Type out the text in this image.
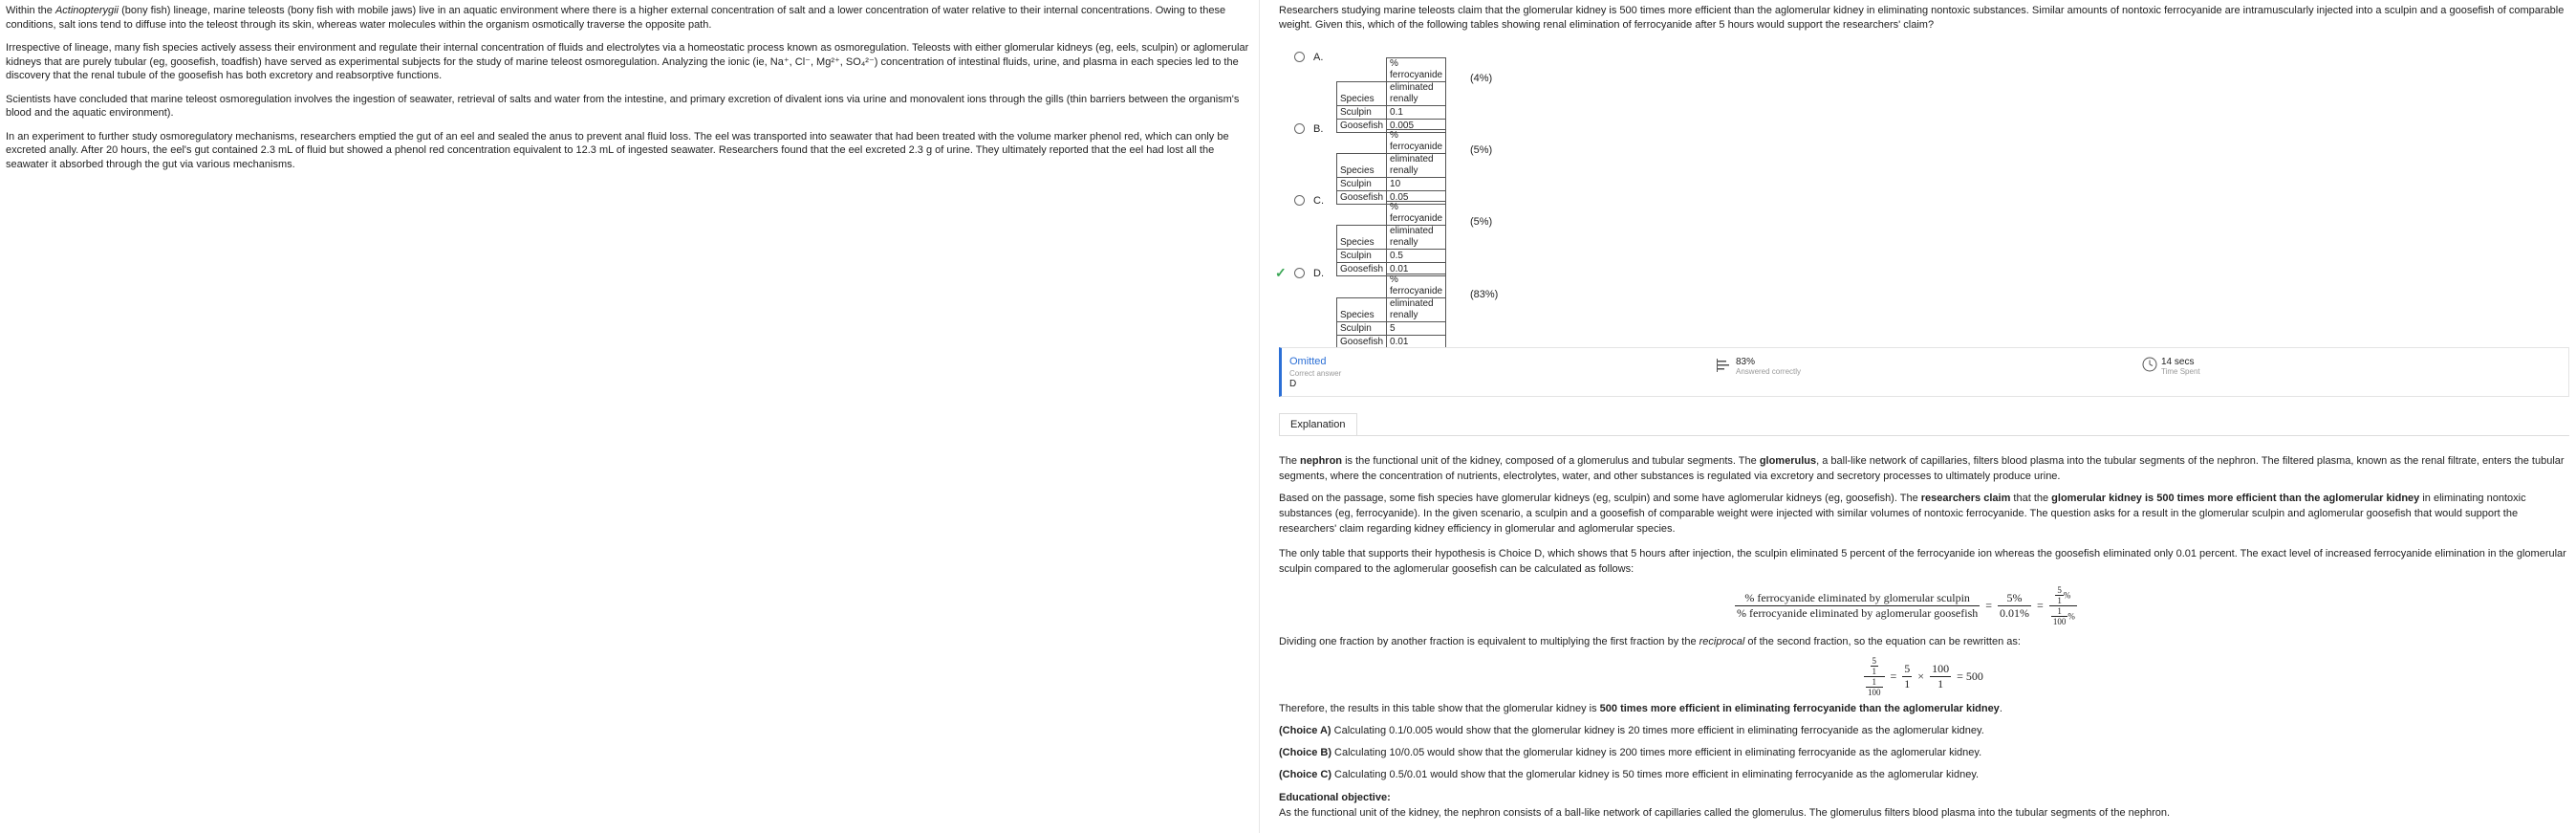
Within the Actinopterygii (bony fish) lineage, marine teleosts (bony fish with mobile jaws) live in an aquatic environment where there is a higher external concentration of salt and a lower concentration of water relative to their internal concentrations. Owing to these conditions, salt ions tend to diffuse into the teleost through its skin, whereas water molecules within the organism osmotically traverse the opposite path.

Irrespective of lineage, many fish species actively assess their environment and regulate their internal concentration of fluids and electrolytes via a homeostatic process known as osmoregulation. Teleosts with either glomerular kidneys (eg, eels, sculpin) or aglomerular kidneys that are purely tubular (eg, goosefish, toadfish) have served as experimental subjects for the study of marine teleost osmoregulation. Analyzing the ionic (ie, Na⁺, Cl⁻, Mg²⁺, SO₄²⁻) concentration of intestinal fluids, urine, and plasma in each species led to the discovery that the renal tubule of the goosefish has both excretory and reabsorptive functions.

Scientists have concluded that marine teleost osmoregulation involves the ingestion of seawater, retrieval of salts and water from the intestine, and primary excretion of divalent ions via urine and monovalent ions through the gills (thin barriers between the organism's blood and the aquatic environment).

In an experiment to further study osmoregulatory mechanisms, researchers emptied the gut of an eel and sealed the anus to prevent anal fluid loss. The eel was transported into seawater that had been treated with the volume marker phenol red, which can only be excreted anally. After 20 hours, the eel's gut contained 2.3 mL of fluid but showed a phenol red concentration equivalent to 12.3 mL of ingested seawater. Researchers found that the eel excreted 2.3 g of urine. They ultimately reported that the eel had lost all the seawater it absorbed through the gut via various mechanisms.

Researchers studying marine teleosts claim that the glomerular kidney is 500 times more efficient than the aglomerular kidney in eliminating nontoxic substances. Similar amounts of nontoxic ferrocyanide are intramuscularly injected into a sculpin and a goosefish of comparable weight. Given this, which of the following tables showing renal elimination of ferrocyanide after 5 hours would support the researchers' claim?
A.
	% ferrocyanide
Species	eliminated renally
Sculpin	0.1
Goosefish	0.005
(4%)
B.
	% ferrocyanide
Species	eliminated renally
Sculpin	10
Goosefish	0.05
(5%)
C.
	% ferrocyanide
Species	eliminated renally
Sculpin	0.5
Goosefish	0.01
(5%)
✓	D.
	% ferrocyanide
Species	eliminated renally
Sculpin	5
Goosefish	0.01
(83%)
Omitted
Correct answer
D
83%
Answered correctly
14 secs
Time Spent
Explanation
The nephron is the functional unit of the kidney, composed of a glomerulus and tubular segments. The glomerulus, a ball-like network of capillaries, filters blood plasma into the tubular segments of the nephron. The filtered plasma, known as the renal filtrate, enters the tubular segments, where the concentration of nutrients, electrolytes, water, and other substances is regulated via excretory and secretory processes to ultimately produce urine.
Based on the passage, some fish species have glomerular kidneys (eg, sculpin) and some have aglomerular kidneys (eg, goosefish). The researchers claim that the glomerular kidney is 500 times more efficient than the aglomerular kidney in eliminating nontoxic substances (eg, ferrocyanide). In the given scenario, a sculpin and a goosefish of comparable weight were injected with similar volumes of nontoxic ferrocyanide. The question asks for a result in the glomerular sculpin and aglomerular goosefish that would support the researchers' claim regarding kidney efficiency in glomerular and aglomerular species.
The only table that supports their hypothesis is Choice D, which shows that 5 hours after injection, the sculpin eliminated 5 percent of the ferrocyanide ion whereas the goosefish eliminated only 0.01 percent. The exact level of increased ferrocyanide elimination in the glomerular sculpin compared to the aglomerular goosefish can be calculated as follows:
$\frac{\text{\% ferrocyanide eliminated by glomerular sculpin}}{\text{\% ferrocyanide eliminated by aglomerular goosefish}} = \frac{5\%}{0.01\%} = \frac{\frac{5}{1} \%}{\frac{1}{100} \%}$
Dividing one fraction by another fraction is equivalent to multiplying the first fraction by the reciprocal of the second fraction, so the equation can be rewritten as:
$\frac{\frac{5}{1}}{\frac{1}{100}} = \frac{5}{1} \times \frac{100}{1} = 500$
Therefore, the results in this table show that the glomerular kidney is 500 times more efficient in eliminating ferrocyanide than the aglomerular kidney.
(Choice A) Calculating 0.1/0.005 would show that the glomerular kidney is 20 times more efficient in eliminating ferrocyanide as the aglomerular kidney.
(Choice B) Calculating 10/0.05 would show that the glomerular kidney is 200 times more efficient in eliminating ferrocyanide as the aglomerular kidney.
(Choice C) Calculating 0.5/0.01 would show that the glomerular kidney is 50 times more efficient in eliminating ferrocyanide as the aglomerular kidney.
Educational objective:
As the functional unit of the kidney, the nephron consists of a ball-like network of capillaries called the glomerulus. The glomerulus filters blood plasma into the tubular segments of the nephron.
